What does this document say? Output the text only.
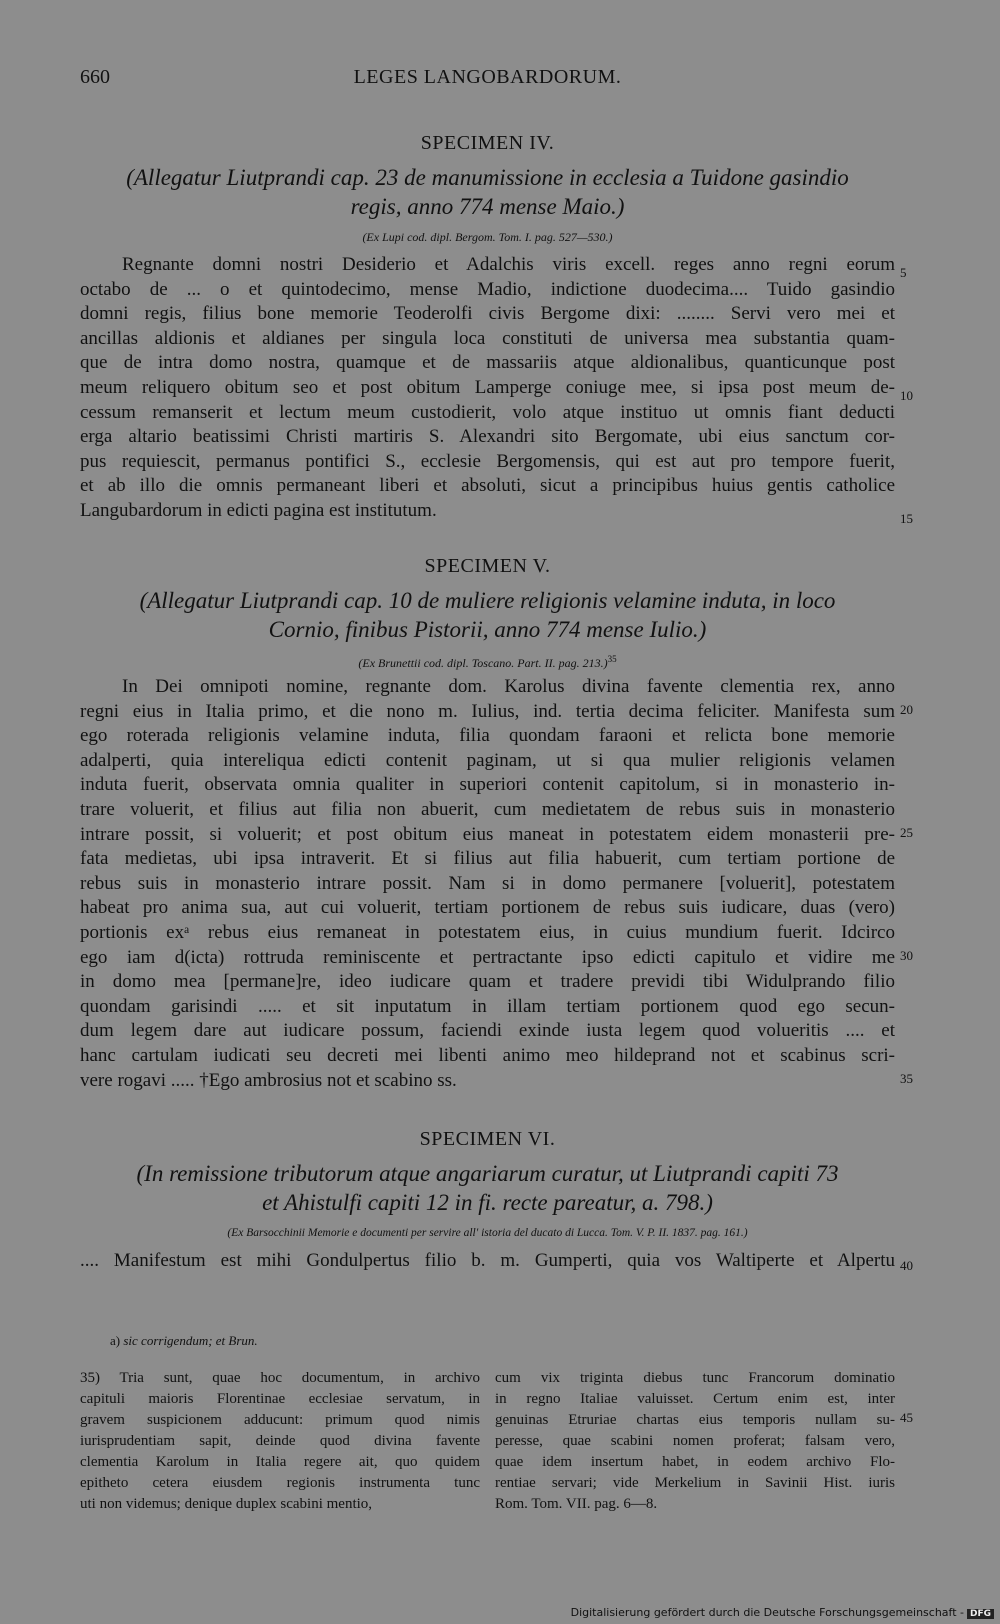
660	LEGES LANGOBARDORUM.
SPECIMEN IV.
(Allegatur Liutprandi cap. 23 de manumissione in ecclesia a Tuidone gasindio
regis, anno 774 mense Maio.)
(Ex Lupi cod. dipl. Bergom. Tom. I. pag. 527—530.)
Regnante domni nostri Desiderio et Adalchis viris excell. reges anno regni eorum
octabo de ... o et quintodecimo, mense Madio, indictione duodecima.... Tuido gasindio
domni regis, filius bone memorie Teoderolfi civis Bergome dixi: ........ Servi vero mei et
ancillas aldionis et aldianes per singula loca constituti de universa mea substantia quam-
que de intra domo nostra, quamque et de massariis atque aldionalibus, quanticunque post
meum reliquero obitum seo et post obitum Lamperge coniuge mee, si ipsa post meum de-
cessum remanserit et lectum meum custodierit, volo atque instituo ut omnis fiant deducti
erga altario beatissimi Christi martiris S. Alexandri sito Bergomate, ubi eius sanctum cor-
pus requiescit, permanus pontifici S., ecclesie Bergomensis, qui est aut pro tempore fuerit,
et ab illo die omnis permaneant liberi et absoluti, sicut a principibus huius gentis catholice
Langubardorum in edicti pagina est institutum.
SPECIMEN V.
(Allegatur Liutprandi cap. 10 de muliere religionis velamine induta, in loco
Cornio, finibus Pistorii, anno 774 mense Iulio.)
(Ex Brunettii cod. dipl. Toscano. Part. II. pag. 213.)$^{35}$
In Dei omnipoti nomine, regnante dom. Karolus divina favente clementia rex, anno
regni eius in Italia primo, et die nono m. Iulius, ind. tertia decima feliciter. Manifesta sum
ego roterada religionis velamine induta, filia quondam faraoni et relicta bone memorie
adalperti, quia intereliqua edicti contenit paginam, ut si qua mulier religionis velamen
induta fuerit, observata omnia qualiter in superiori contenit capitolum, si in monasterio in-
trare voluerit, et filius aut filia non abuerit, cum medietatem de rebus suis in monasterio
intrare possit, si voluerit; et post obitum eius maneat in potestatem eidem monasterii pre-
fata medietas, ubi ipsa intraverit. Et si filius aut filia habuerit, cum tertiam portione de
rebus suis in monasterio intrare possit. Nam si in domo permanere [voluerit], potestatem
habeat pro anima sua, aut cui voluerit, tertiam portionem de rebus suis iudicare, duas (vero)
portionis exᵃ rebus eius remaneat in potestatem eius, in cuius mundium fuerit. Idcirco
ego iam d(icta) rottruda reminiscente et pertractante ipso edicti capitulo et vidire me
in domo mea [permane]re, ideo iudicare quam et tradere previdi tibi Widulprando filio
quondam garisindi ..... et sit inputatum in illam tertiam portionem quod ego secun-
dum legem dare aut iudicare possum, faciendi exinde iusta legem quod volueritis .... et
hanc cartulam iudicati seu decreti mei libenti animo meo hildeprand not et scabinus scri-
vere rogavi ..... †Ego ambrosius not et scabino ss.
SPECIMEN VI.
(In remissione tributorum atque angariarum curatur, ut Liutprandi capiti 73
et Ahistulfi capiti 12 in fi. recte pareatur, a. 798.)
(Ex Barsocchinii Memorie e documenti per servire all' istoria del ducato di Lucca. Tom. V. P. II. 1837. pag. 161.)
.... Manifestum est mihi Gondulpertus filio b. m. Gumperti, quia vos Waltiperte et Alpertu
5
10
15
20
25
30
35
40
45
a) sic corrigendum; et Brun.
35) Tria sunt, quae hoc documentum, in archivo
capituli maioris Florentinae ecclesiae servatum, in
gravem suspicionem adducunt: primum quod nimis
iurisprudentiam sapit, deinde quod divina favente
clementia Karolum in Italia regere ait, quo quidem
epitheto cetera eiusdem regionis instrumenta tunc
uti non videmus; denique duplex scabini mentio,
cum vix triginta diebus tunc Francorum dominatio
in regno Italiae valuisset. Certum enim est, inter
genuinas Etruriae chartas eius temporis nullam su-
peresse, quae scabini nomen proferat; falsam vero,
quae idem insertum habet, in eodem archivo Flo-
rentiae servari; vide Merkelium in Savinii Hist. iuris
Rom. Tom. VII. pag. 6—8.
Digitalisierung gefördert durch die Deutsche Forschungsgemeinschaft - DFG
